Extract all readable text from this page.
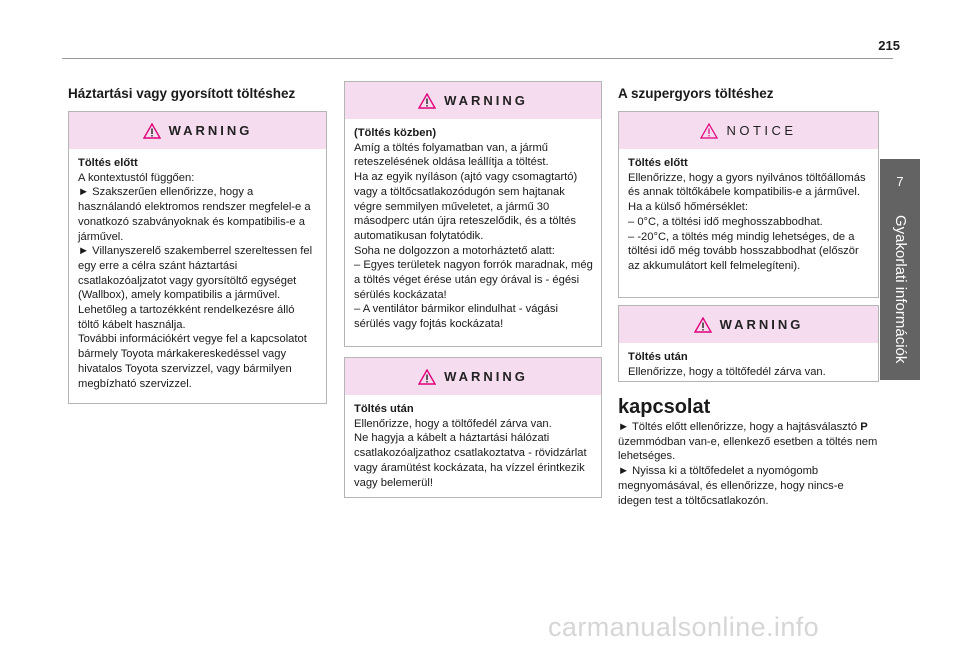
215
7
Gyakorlati információk
Háztartási vagy gyorsított töltéshez
WARNING
Töltés előtt
A kontextustól függően:
► Szakszerűen ellenőrizze, hogy a használandó elektromos rendszer megfelel-e a vonatkozó szabványoknak és kompatibilis-e a járművel.
► Villanyszerelő szakemberrel szereltessen fel egy erre a célra szánt háztartási csatlakozóaljzatot vagy gyorsítöltő egységet (Wallbox), amely kompatibilis a járművel.
Lehetőleg a tartozékként rendelkezésre álló töltő kábelt használja.
További információkért vegye fel a kapcsolatot bármely Toyota márkakereskedéssel vagy hivatalos Toyota szervizzel, vagy bármilyen megbízható szervizzel.
WARNING
(Töltés közben)
Amíg a töltés folyamatban van, a jármű reteszelésének oldása leállítja a töltést.
Ha az egyik nyíláson (ajtó vagy csomagtartó) vagy a töltőcsatlakozódugón sem hajtanak végre semmilyen műveletet, a jármű 30 másodperc után újra reteszelődik, és a töltés automatikusan folytatódik.
Soha ne dolgozzon a motorháztető alatt:
– Egyes területek nagyon forrók maradnak, még a töltés véget érése után egy órával is - égési sérülés kockázata!
– A ventilátor bármikor elindulhat - vágási sérülés vagy fojtás kockázata!
WARNING
Töltés után
Ellenőrizze, hogy a töltőfedél zárva van.
Ne hagyja a kábelt a háztartási hálózati csatlakozóaljzathoz csatlakoztatva - rövidzárlat vagy áramütést kockázata, ha vízzel érintkezik vagy belemerül!
A szupergyors töltéshez
NOTICE
Töltés előtt
Ellenőrizze, hogy a gyors nyilvános töltőállomás és annak töltőkábele kompatibilis-e a járművel.
Ha a külső hőmérséklet:
– 0°C, a töltési idő meghosszabbodhat.
– -20°C, a töltés még mindig lehetséges, de a töltési idő még tovább hosszabbodhat (először az akkumulátort kell felmelegíteni).
WARNING
Töltés után
Ellenőrizze, hogy a töltőfedél zárva van.
kapcsolat

► Töltés előtt ellenőrizze, hogy a hajtásválasztó P üzemmódban van-e, ellenkező esetben a töltés nem lehetséges.

► Nyissa ki a töltőfedelet a nyomógomb megnyomásával, és ellenőrizze, hogy nincs-e idegen test a töltőcsatlakozón.

carmanualsonline.info
